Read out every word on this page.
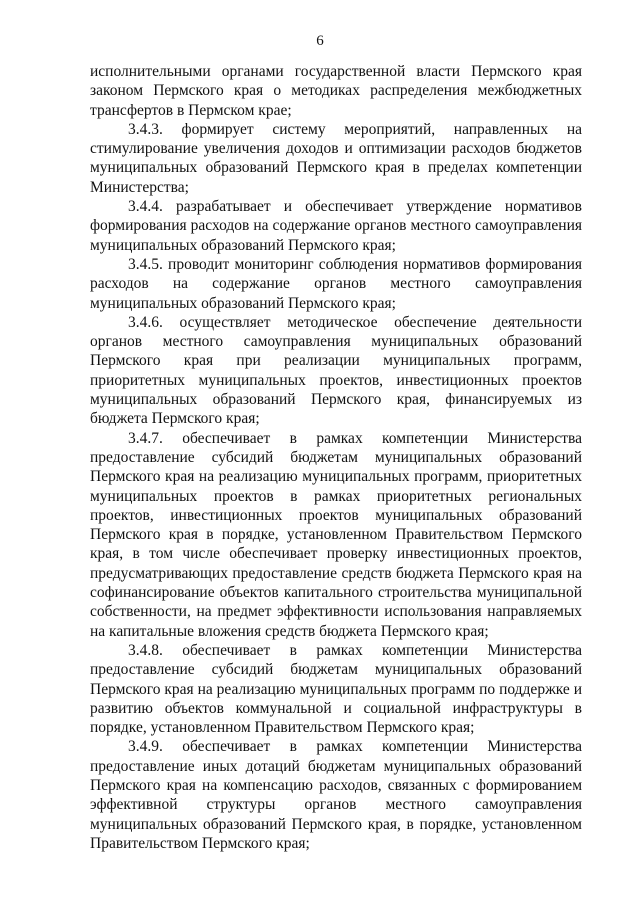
6

исполнительными органами государственной власти Пермского края законом Пермского края о методиках распределения межбюджетных трансфертов в Пермском крае;

3.4.3. формирует систему мероприятий, направленных на стимулирование увеличения доходов и оптимизации расходов бюджетов муниципальных образований Пермского края в пределах компетенции Министерства;

3.4.4. разрабатывает и обеспечивает утверждение нормативов формирования расходов на содержание органов местного самоуправления муниципальных образований Пермского края;

3.4.5. проводит мониторинг соблюдения нормативов формирования расходов на содержание органов местного самоуправления муниципальных образований Пермского края;

3.4.6. осуществляет методическое обеспечение деятельности органов местного самоуправления муниципальных образований Пермского края при реализации муниципальных программ, приоритетных муниципальных проектов, инвестиционных проектов муниципальных образований Пермского края, финансируемых из бюджета Пермского края;

3.4.7. обеспечивает в рамках компетенции Министерства предоставление субсидий бюджетам муниципальных образований Пермского края на реализацию муниципальных программ, приоритетных муниципальных проектов в рамках приоритетных региональных проектов, инвестиционных проектов муниципальных образований Пермского края в порядке, установленном Правительством Пермского края, в том числе обеспечивает проверку инвестиционных проектов, предусматривающих предоставление средств бюджета Пермского края на софинансирование объектов капитального строительства муниципальной собственности, на предмет эффективности использования направляемых на капитальные вложения средств бюджета Пермского края;

3.4.8. обеспечивает в рамках компетенции Министерства предоставление субсидий бюджетам муниципальных образований Пермского края на реализацию муниципальных программ по поддержке и развитию объектов коммунальной и социальной инфраструктуры в порядке, установленном Правительством Пермского края;

3.4.9. обеспечивает в рамках компетенции Министерства предоставление иных дотаций бюджетам муниципальных образований Пермского края на компенсацию расходов, связанных с формированием эффективной структуры органов местного самоуправления муниципальных образований Пермского края, в порядке, установленном Правительством Пермского края;
